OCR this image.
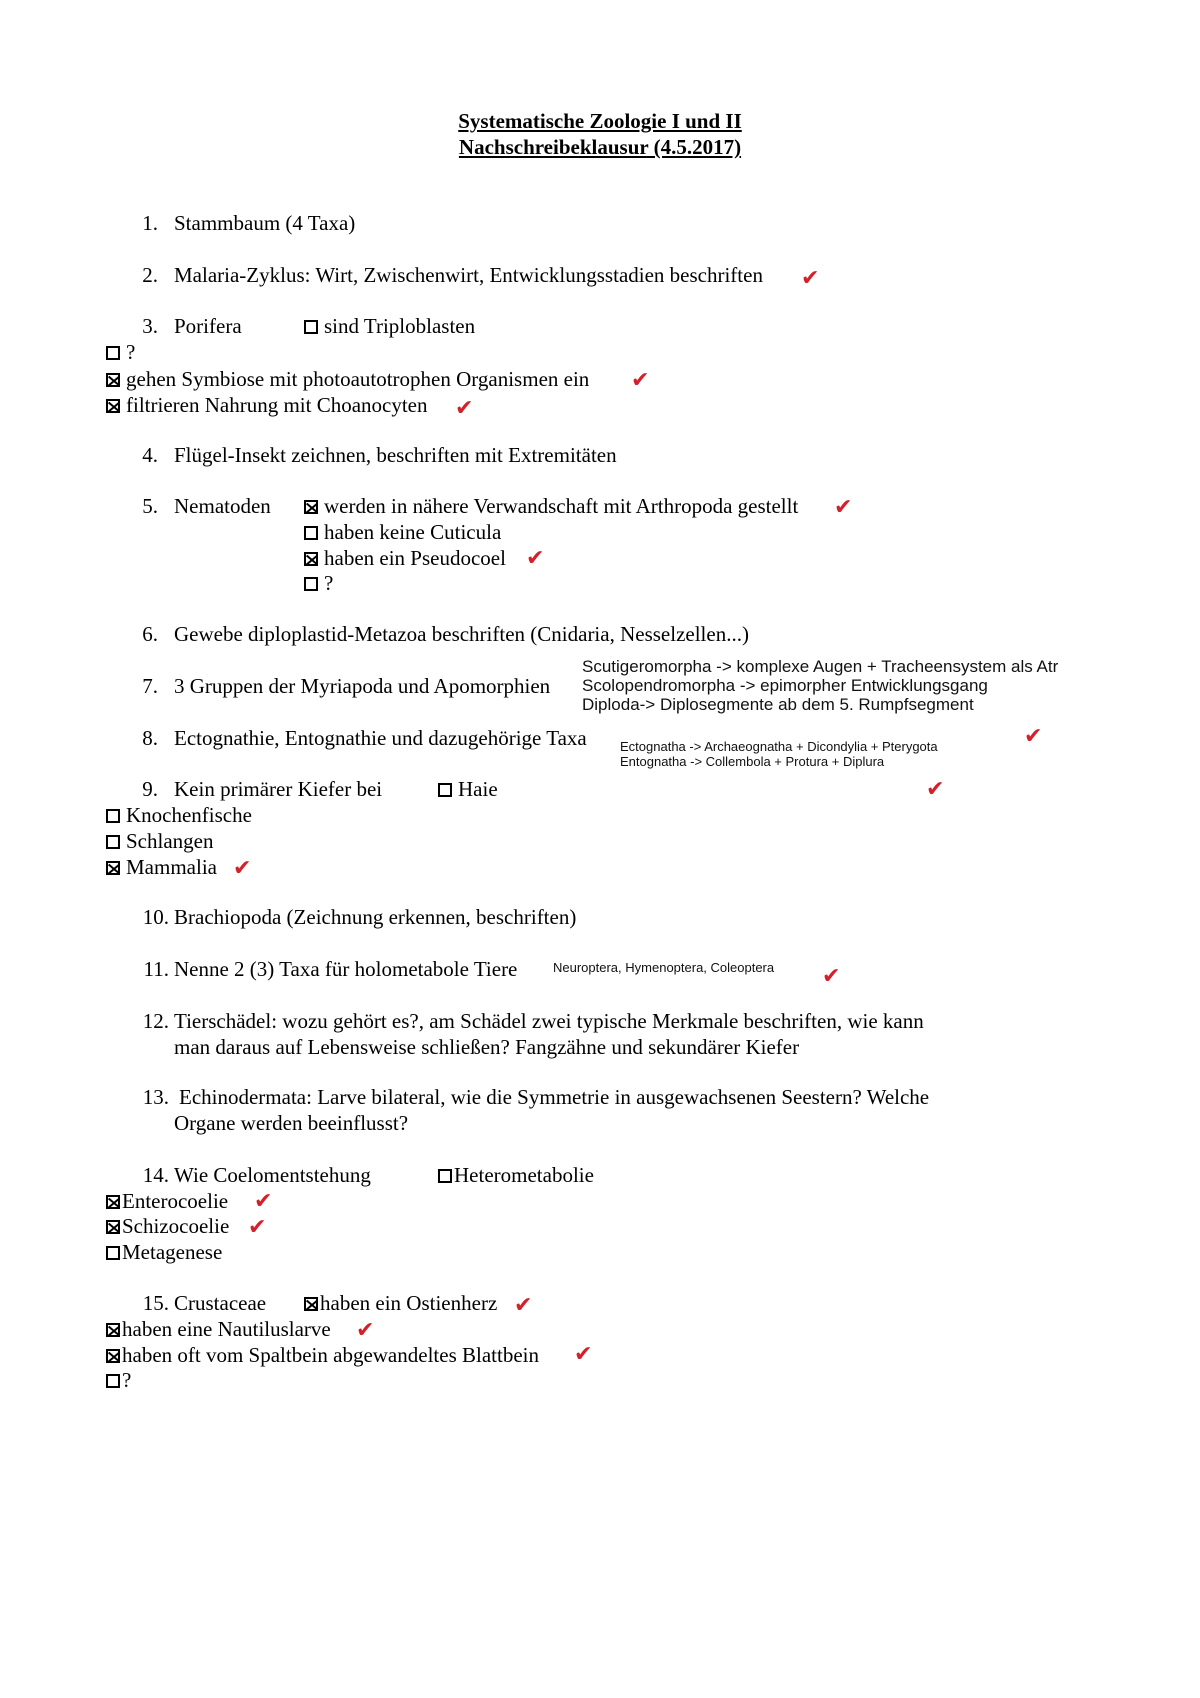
Systematische Zoologie I und II
Nachschreibeklausur (4.5.2017)
1. Stammbaum (4 Taxa)
2. Malaria-Zyklus: Wirt, Zwischenwirt, Entwicklungsstadien beschriften ✔
3. Porifera	sind Triploblasten
?
gehen Symbiose mit photoautotrophen Organismen ein ✔
filtrieren Nahrung mit Choanocyten ✔
4. Flügel-Insekt zeichnen, beschriften mit Extremitäten
5. Nematoden	werden in nähere Verwandschaft mit Arthropoda gestellt ✔
haben keine Cuticula
haben ein Pseudocoel ✔
?
6. Gewebe diploplastid-Metazoa beschriften (Cnidaria, Nesselzellen...)
7. 3 Gruppen der Myriapoda und Apomorphien
Scutigeromorpha -> komplexe Augen + Tracheensystem als Atr
Scolopendromorpha -> epimorpher Entwicklungsgang
Diploda-> Diplosegmente ab dem 5. Rumpfsegment
8. Ectognathie, Entognathie und dazugehörige Taxa	Ectognatha -> Archaeognatha + Dicondylia + Pterygota
Entognatha -> Collembola + Protura + Diplura
✔
9. Kein primärer Kiefer bei	Haie	✔
Knochenfische
Schlangen
Mammalia ✔
10. Brachiopoda (Zeichnung erkennen, beschriften)
11. Nenne 2 (3) Taxa für holometabole Tiere	Neuroptera, Hymenoptera, Coleoptera ✔
12. Tierschädel: wozu gehört es?, am Schädel zwei typische Merkmale beschriften, wie kann
man daraus auf Lebensweise schließen? Fangzähne und sekundärer Kiefer
13. Echinodermata: Larve bilateral, wie die Symmetrie in ausgewachsenen Seestern? Welche
Organe werden beeinflusst?
14. Wie Coelomentstehung	Heterometabolie
Enterocoelie ✔
Schizocoelie ✔
Metagenese
15. Crustaceae	haben ein Ostienherz ✔
haben eine Nautiluslarve ✔
haben oft vom Spaltbein abgewandeltes Blattbein ✔
?
